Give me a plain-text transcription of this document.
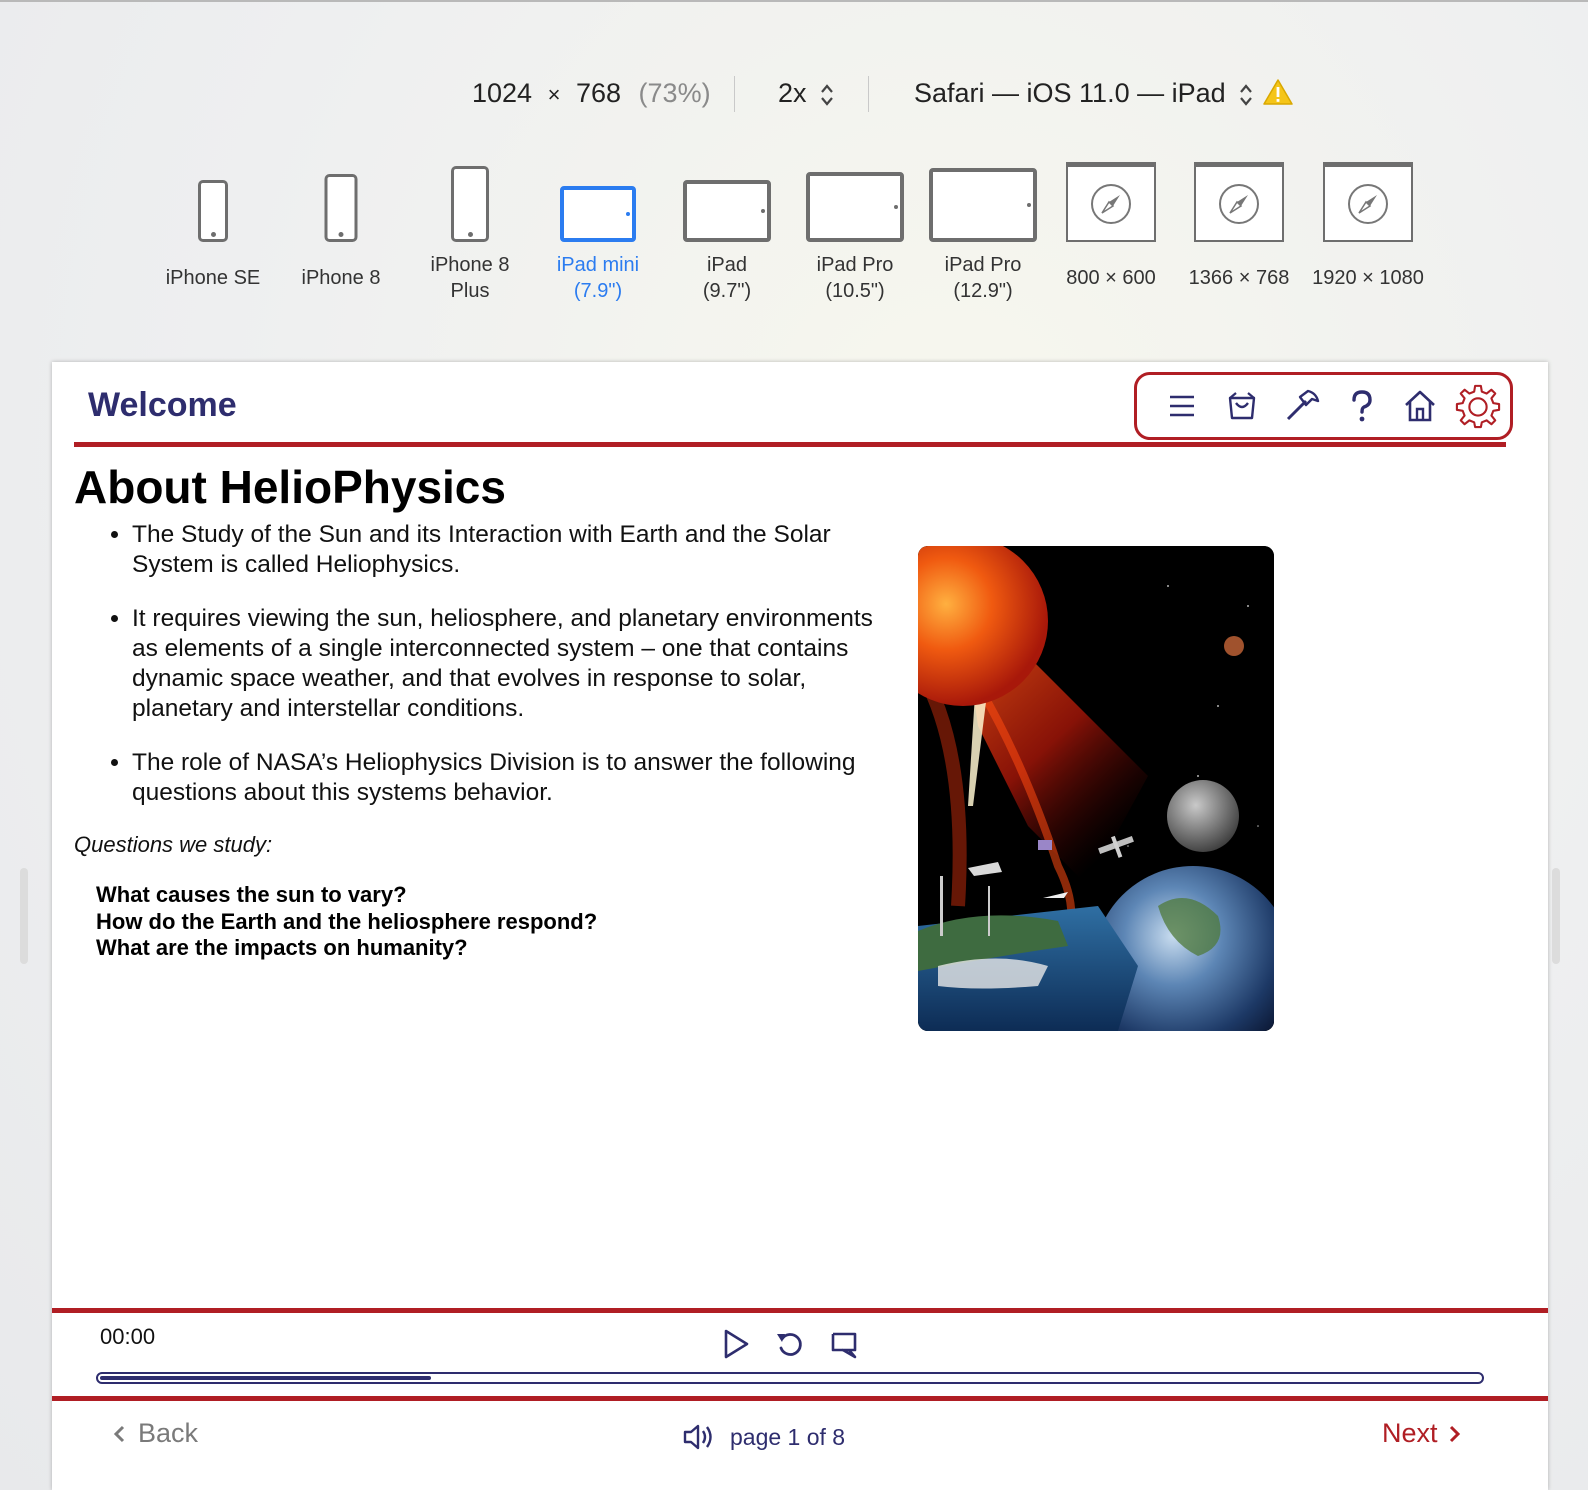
1024 × 768 (73%) 2x	Safari — iOS 11.0 — iPad
iPhone SE	iPhone 8
iPhone 8 Plus
iPad mini (7.9")
iPad (9.7")
iPad Pro (10.5")
iPad Pro (12.9")
800 × 600	1366 × 768	1920 × 1080
Welcome
About HelioPhysics
• The Study of the Sun and its Interaction with Earth and the Solar System is called Heliophysics.
• It requires viewing the sun, heliosphere, and planetary environments as elements of a single interconnected system – one that contains dynamic space weather, and that evolves in response to solar, planetary and interstellar conditions.
• The role of NASA’s Heliophysics Division is to answer the following questions about this systems behavior.
Questions we study:
What causes the sun to vary?
How do the Earth and the heliosphere respond?
What are the impacts on humanity?
00:00
Back	page 1 of 8	Next
